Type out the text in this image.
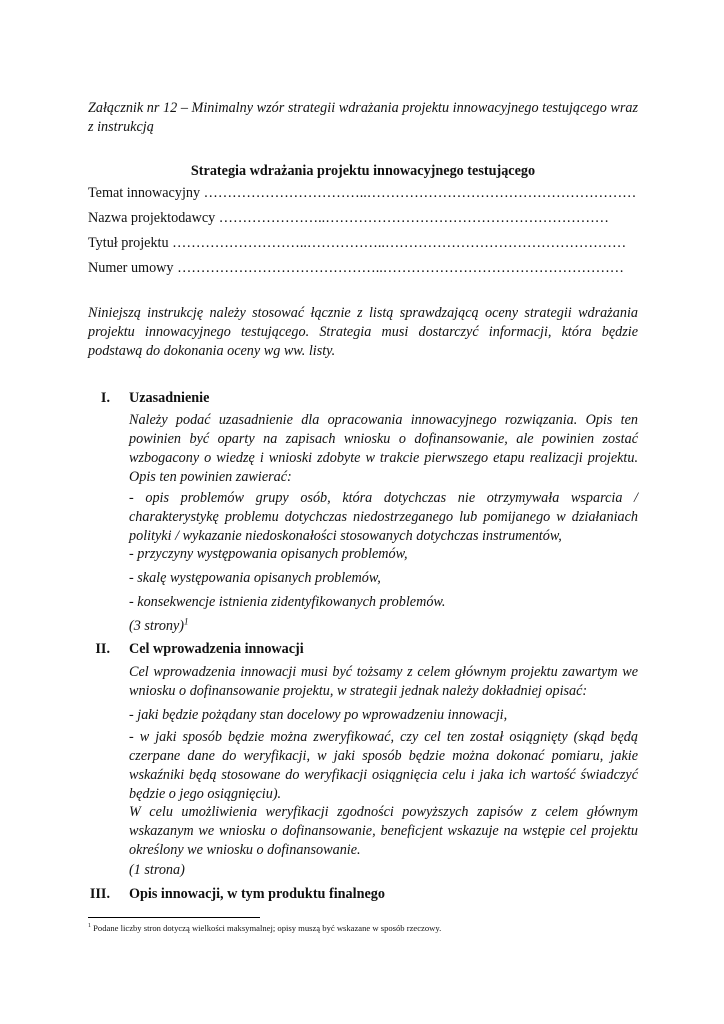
Załącznik nr 12 – Minimalny wzór strategii wdrażania projektu innowacyjnego testującego wraz z instrukcją

Strategia wdrażania projektu innowacyjnego testującego

Temat innowacyjny ……………………………..…………………………………………………
Nazwa projektodawcy …………………..……………………………………………………
Tytuł projektu ………………………..……………..……………………………………………
Numer umowy ……………………………………..……………………………………………

Niniejszą instrukcję należy stosować łącznie z listą sprawdzającą oceny strategii wdrażania projektu innowacyjnego testującego. Strategia musi dostarczyć informacji, która będzie podstawą do dokonania oceny wg ww. listy.

I. Uzasadnienie

Należy podać uzasadnienie dla opracowania innowacyjnego rozwiązania. Opis ten powinien być oparty na zapisach wniosku o dofinansowanie, ale powinien zostać wzbogacony o wiedzę i wnioski zdobyte w trakcie pierwszego etapu realizacji projektu. Opis ten powinien zawierać:

- opis problemów grupy osób, która dotychczas nie otrzymywała wsparcia / charakterystykę problemu dotychczas niedostrzeganego lub pomijanego w działaniach polityki / wykazanie niedoskonałości stosowanych dotychczas instrumentów,

- przyczyny występowania opisanych problemów,

- skalę występowania opisanych problemów,

- konsekwencje istnienia zidentyfikowanych problemów.

(3 strony)$^1$

II. Cel wprowadzenia innowacji

Cel wprowadzenia innowacji musi być tożsamy z celem głównym projektu zawartym we wniosku o dofinansowanie projektu, w strategii jednak należy dokładniej opisać:

- jaki będzie pożądany stan docelowy po wprowadzeniu innowacji,

- w jaki sposób będzie można zweryfikować, czy cel ten został osiągnięty (skąd będą czerpane dane do weryfikacji, w jaki sposób będzie można dokonać pomiaru, jakie wskaźniki będą stosowane do weryfikacji osiągnięcia celu i jaka ich wartość świadczyć będzie o jego osiągnięciu).

W celu umożliwienia weryfikacji zgodności powyższych zapisów z celem głównym wskazanym we wniosku o dofinansowanie, beneficjent wskazuje na wstępie cel projektu określony we wniosku o dofinansowanie.

(1 strona)

III. Opis innowacji, w tym produktu finalnego
$^1$ Podane liczby stron dotyczą wielkości maksymalnej; opisy muszą być wskazane w sposób rzeczowy.
